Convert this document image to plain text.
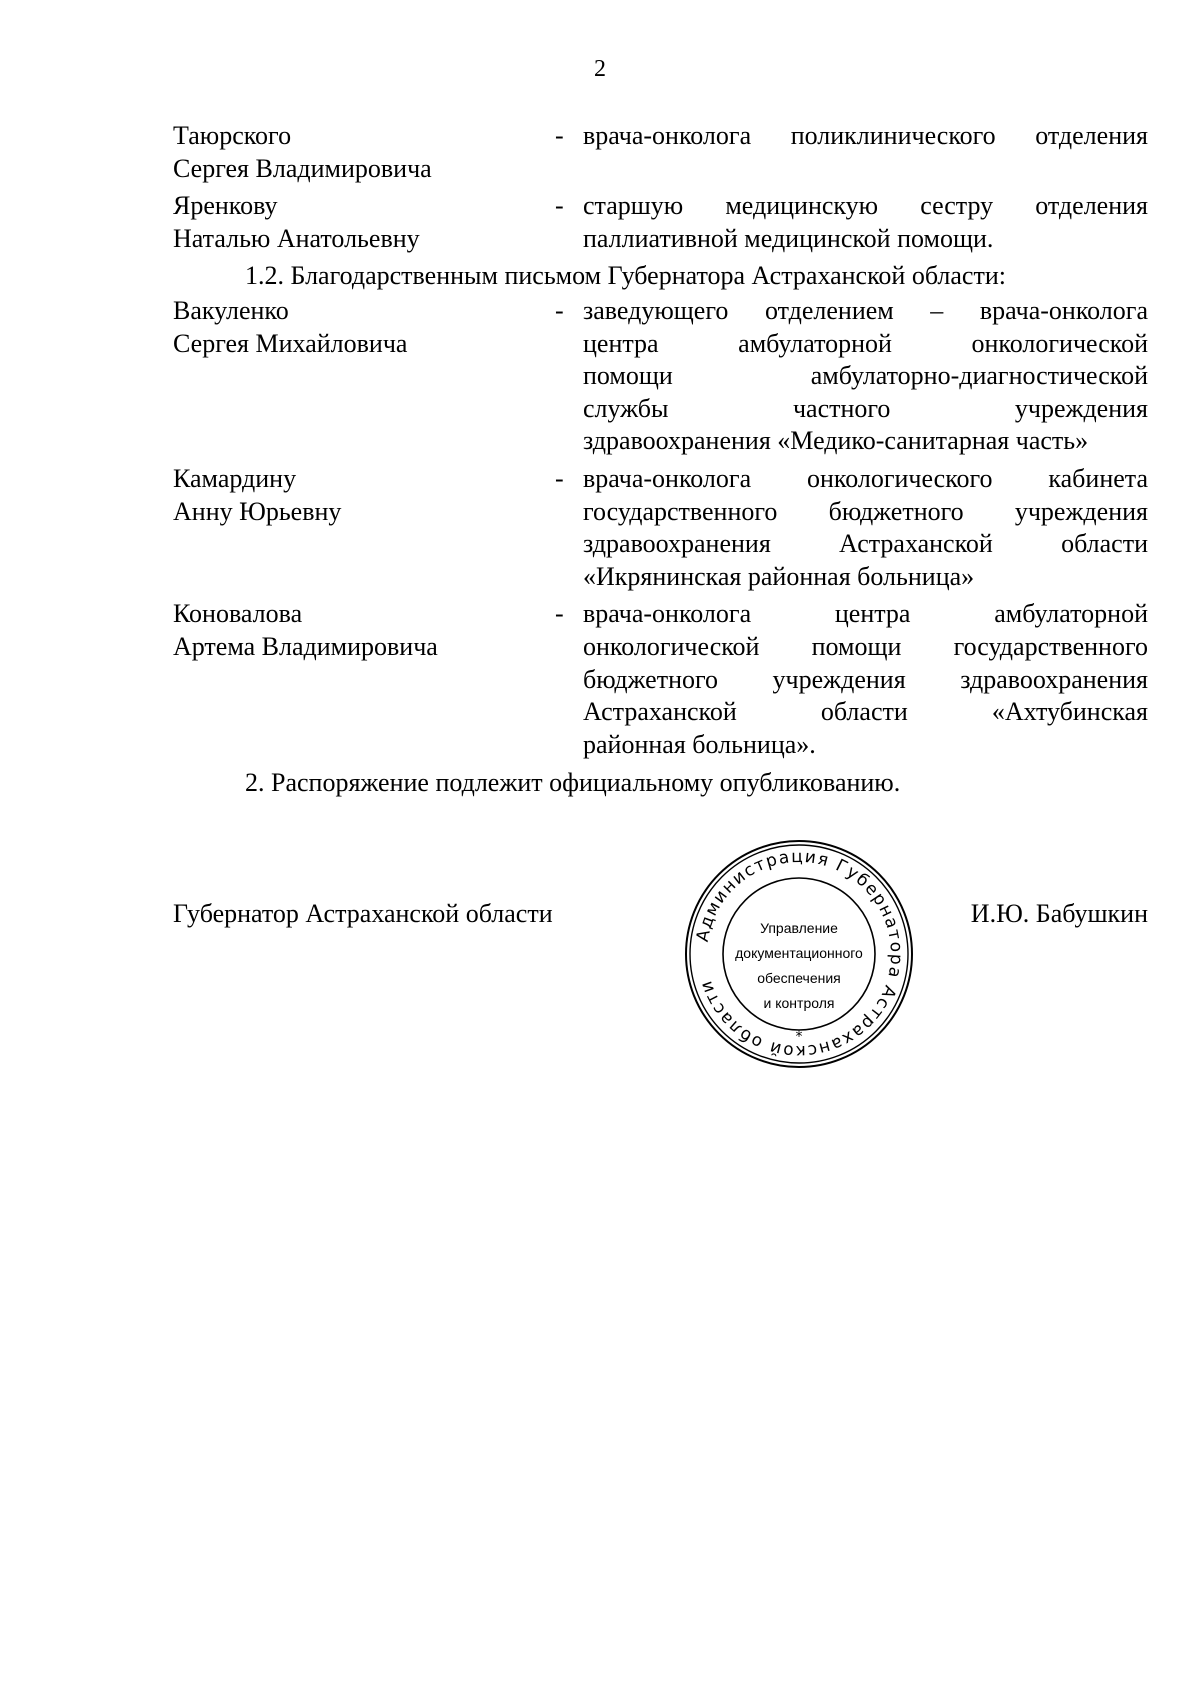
2
Таюрского
Сергея Владимировича
- врача-онколога поликлинического отделения
Яренкову
Наталью Анатольевну
- старшую медицинскую сестру отделения
паллиативной медицинской помощи.
1.2. Благодарственным письмом Губернатора Астраханской области:
Вакуленко
Сергея Михайловича
- заведующего отделением – врача-онколога
центра амбулаторной онкологической
помощи амбулаторно-диагностической
службы частного учреждения
здравоохранения «Медико-санитарная часть»
Камардину
Анну Юрьевну
- врача-онколога онкологического кабинета
государственного бюджетного учреждения
здравоохранения Астраханской области
«Икрянинская районная больница»
Коновалова
Артема Владимировича
- врача-онколога центра амбулаторной
онкологической помощи государственного
бюджетного учреждения здравоохранения
Астраханской области «Ахтубинская
районная больница».
2. Распоряжение подлежит официальному опубликованию.
Губернатор Астраханской области	И.Ю. Бабушкин
Администрация Губернатора Астраханской области
*
Управление
документационного
обеспечения
и контроля
